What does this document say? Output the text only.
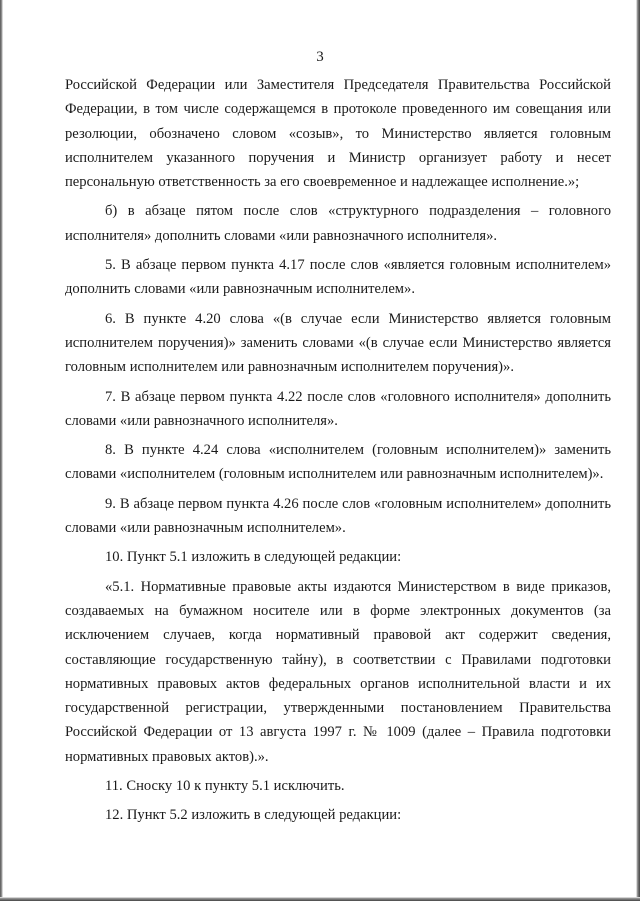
3

Российской Федерации или Заместителя Председателя Правительства Российской Федерации, в том числе содержащемся в протоколе проведенного им совещания или резолюции, обозначено словом «созыв», то Министерство является головным исполнителем указанного поручения и Министр организует работу и несет персональную ответственность за его своевременное и надлежащее исполнение.»;

б) в абзаце пятом после слов «структурного подразделения – головного исполнителя» дополнить словами «или равнозначного исполнителя».

5. В абзаце первом пункта 4.17 после слов «является головным исполнителем» дополнить словами «или равнозначным исполнителем».

6. В пункте 4.20 слова «(в случае если Министерство является головным исполнителем поручения)» заменить словами «(в случае если Министерство является головным исполнителем или равнозначным исполнителем поручения)».

7. В абзаце первом пункта 4.22 после слов «головного исполнителя» дополнить словами «или равнозначного исполнителя».

8. В пункте 4.24 слова «исполнителем (головным исполнителем)» заменить словами «исполнителем (головным исполнителем или равнозначным исполнителем)».

9. В абзаце первом пункта 4.26 после слов «головным исполнителем» дополнить словами «или равнозначным исполнителем».

10. Пункт 5.1 изложить в следующей редакции:

«5.1. Нормативные правовые акты издаются Министерством в виде приказов, создаваемых на бумажном носителе или в форме электронных документов (за исключением случаев, когда нормативный правовой акт содержит сведения, составляющие государственную тайну), в соответствии с Правилами подготовки нормативных правовых актов федеральных органов исполнительной власти и их государственной регистрации, утвержденными постановлением Правительства Российской Федерации от 13 августа 1997 г. № 1009 (далее – Правила подготовки нормативных правовых актов).».

11. Сноску 10 к пункту 5.1 исключить.

12. Пункт 5.2 изложить в следующей редакции:
